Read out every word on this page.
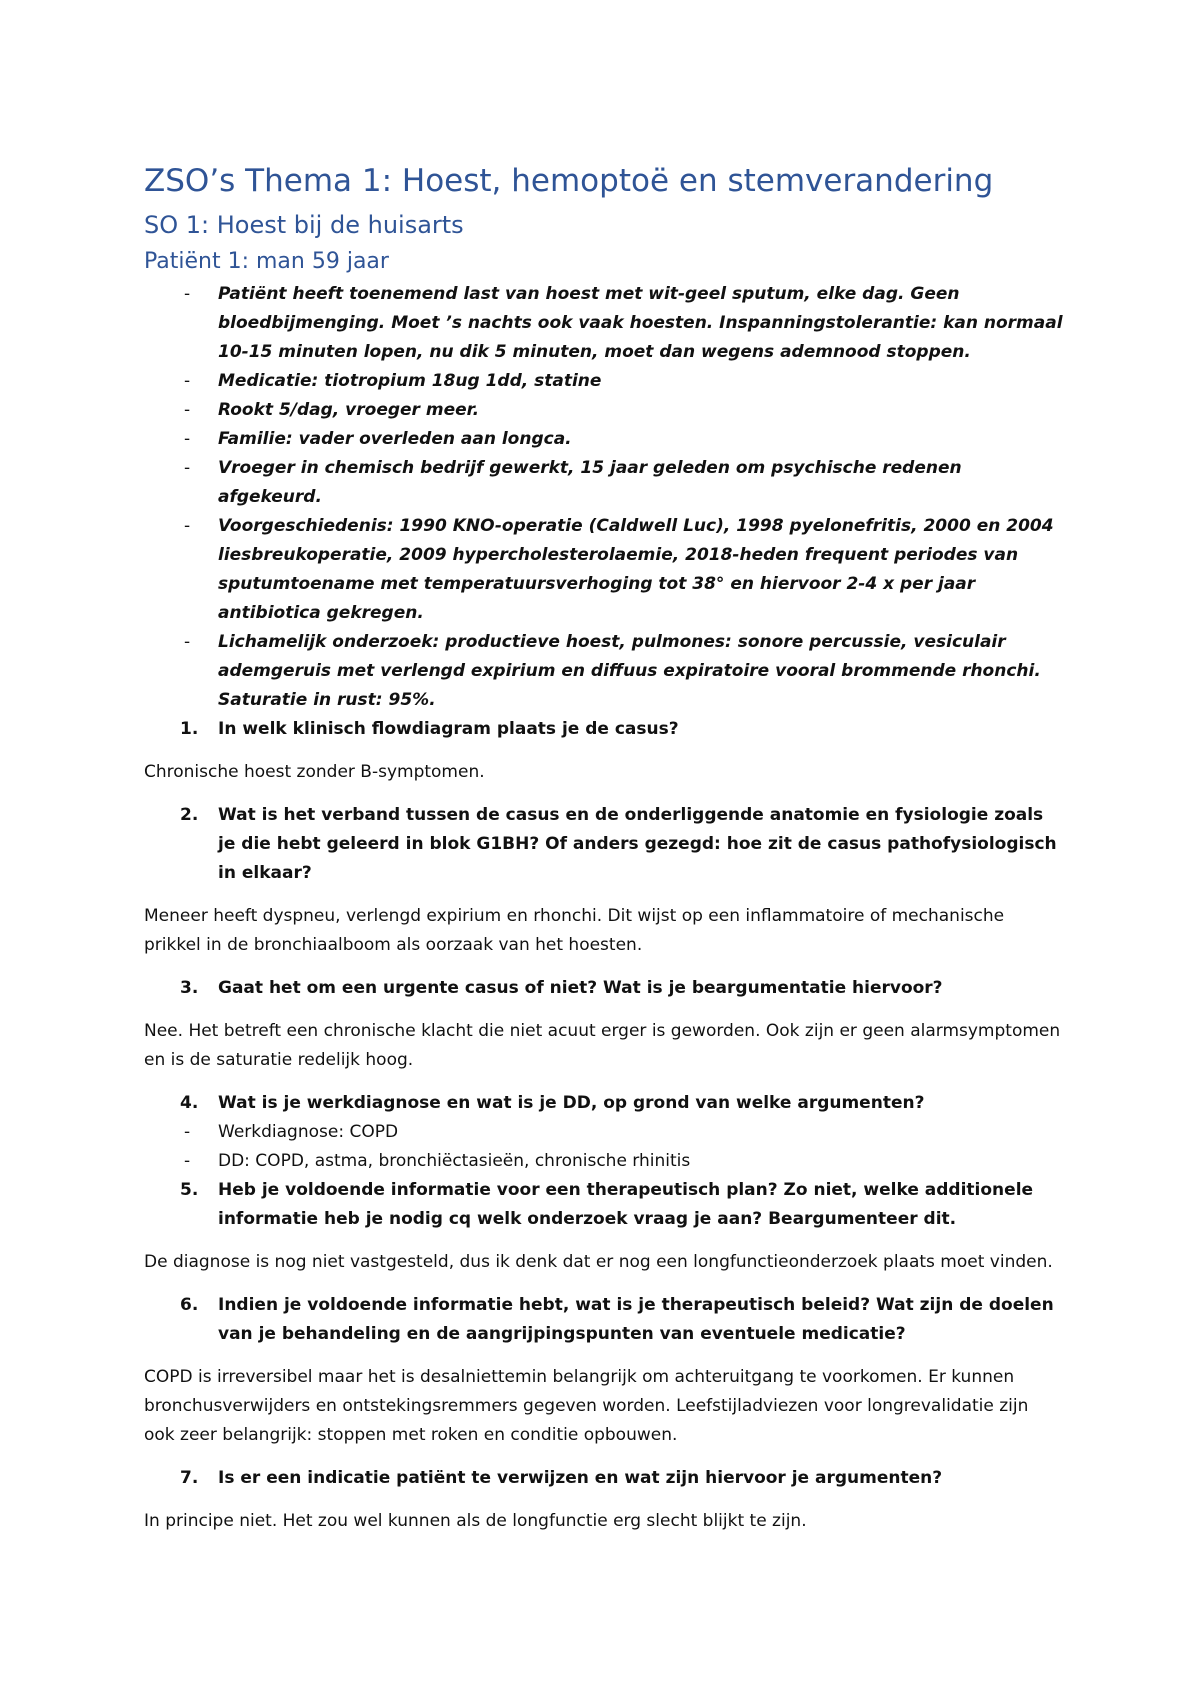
ZSO’s Thema 1: Hoest, hemoptoë en stemverandering
SO 1: Hoest bij de huisarts
Patiënt 1: man 59 jaar
- Patiënt heeft toenemend last van hoest met wit-geel sputum, elke dag. Geen bloedbijmenging. Moet ’s nachts ook vaak hoesten. Inspanningstolerantie: kan normaal 10-15 minuten lopen, nu dik 5 minuten, moet dan wegens ademnood stoppen.
- Medicatie: tiotropium 18ug 1dd, statine
- Rookt 5/dag, vroeger meer.
- Familie: vader overleden aan longca.
- Vroeger in chemisch bedrijf gewerkt, 15 jaar geleden om psychische redenen afgekeurd.
- Voorgeschiedenis: 1990 KNO-operatie (Caldwell Luc), 1998 pyelonefritis, 2000 en 2004 liesbreukoperatie, 2009 hypercholesterolaemie, 2018-heden frequent periodes van sputumtoename met temperatuursverhoging tot 38° en hiervoor 2-4 x per jaar antibiotica gekregen.
- Lichamelijk onderzoek: productieve hoest, pulmones: sonore percussie, vesiculair ademgeruis met verlengd expirium en diffuus expiratoire vooral brommende rhonchi. Saturatie in rust: 95%.
1. In welk klinisch flowdiagram plaats je de casus?

Chronische hoest zonder B-symptomen.

2. Wat is het verband tussen de casus en de onderliggende anatomie en fysiologie zoals je die hebt geleerd in blok G1BH? Of anders gezegd: hoe zit de casus pathofysiologisch in elkaar?

Meneer heeft dyspneu, verlengd expirium en rhonchi. Dit wijst op een inflammatoire of mechanische prikkel in de bronchiaalboom als oorzaak van het hoesten.

3. Gaat het om een urgente casus of niet? Wat is je beargumentatie hiervoor?

Nee. Het betreft een chronische klacht die niet acuut erger is geworden. Ook zijn er geen alarmsymptomen en is de saturatie redelijk hoog.

4. Wat is je werkdiagnose en wat is je DD, op grond van welke argumenten?
- Werkdiagnose: COPD
- DD: COPD, astma, bronchiëctasieën, chronische rhinitis
5. Heb je voldoende informatie voor een therapeutisch plan? Zo niet, welke additionele informatie heb je nodig cq welk onderzoek vraag je aan? Beargumenteer dit.

De diagnose is nog niet vastgesteld, dus ik denk dat er nog een longfunctieonderzoek plaats moet vinden.

6. Indien je voldoende informatie hebt, wat is je therapeutisch beleid? Wat zijn de doelen van je behandeling en de aangrijpingspunten van eventuele medicatie?

COPD is irreversibel maar het is desalniettemin belangrijk om achteruitgang te voorkomen. Er kunnen bronchusverwijders en ontstekingsremmers gegeven worden. Leefstijladviezen voor longrevalidatie zijn ook zeer belangrijk: stoppen met roken en conditie opbouwen.

7. Is er een indicatie patiënt te verwijzen en wat zijn hiervoor je argumenten?

In principe niet. Het zou wel kunnen als de longfunctie erg slecht blijkt te zijn.
